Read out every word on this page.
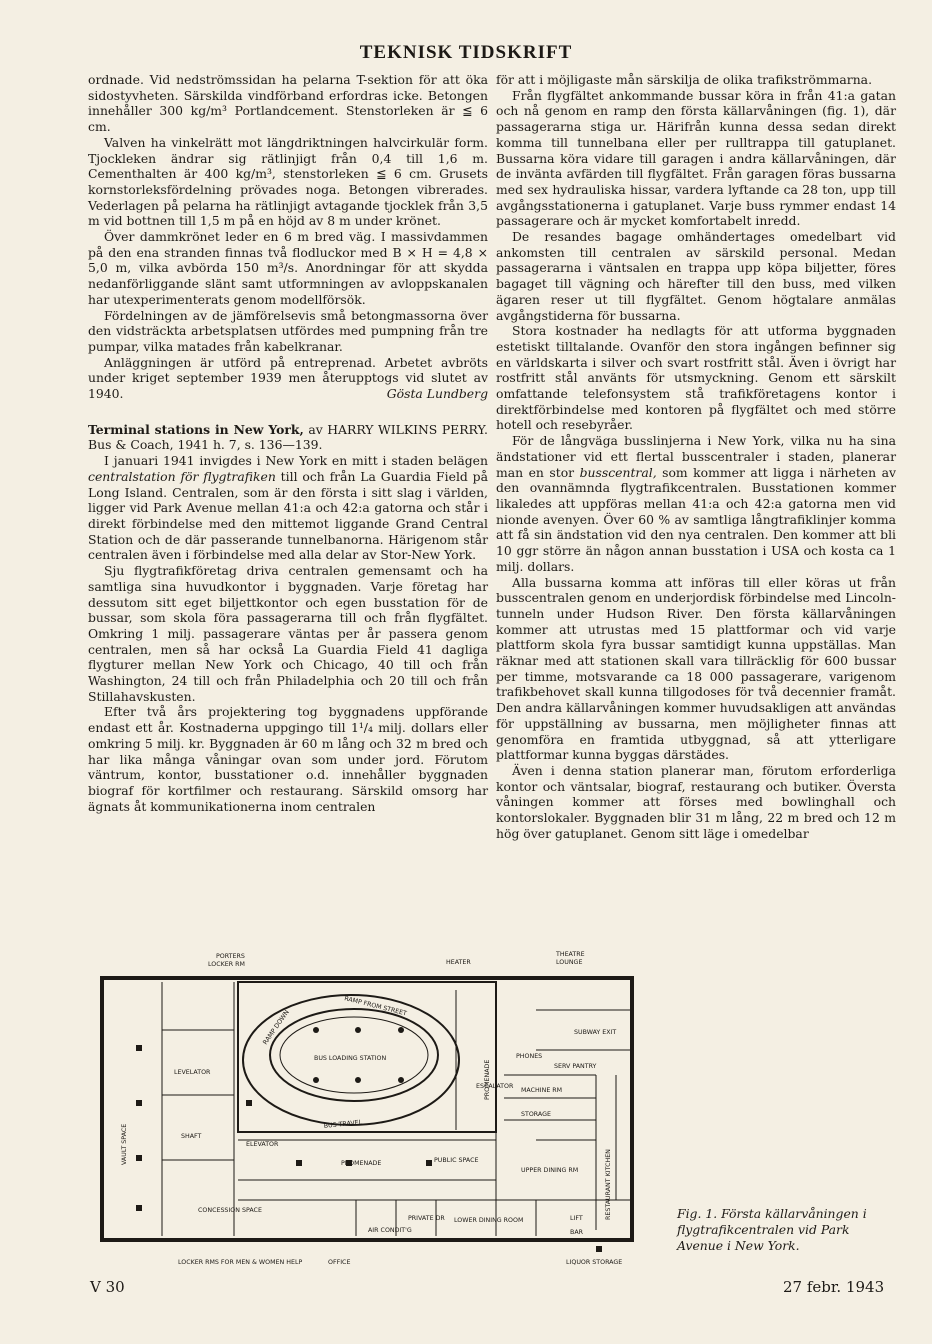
TEKNISK TIDSKRIFT

ordnade. Vid nedströmssidan ha pelarna T-sektion för att öka sidostyvheten. Särskilda vindförband erfordras icke. Betongen innehåller 300 kg/m³ Portlandcement. Stenstorleken är ≦ 6 cm.

Valven ha vinkelrätt mot längdriktningen halvcirkulär form. Tjockleken ändrar sig rätlinjigt från 0,4 till 1,6 m. Cementhalten är 400 kg/m³, stenstorleken ≦ 6 cm. Grusets kornstorleksfördelning prövades noga. Betongen vibrerades. Vederlagen på pelarna ha rätlinjigt avtagande tjocklek från 3,5 m vid bottnen till 1,5 m på en höjd av 8 m under krönet.

Över dammkrönet leder en 6 m bred väg. I massivdammen på den ena stranden finnas två flodluckor med B × H = 4,8 × 5,0 m, vilka avbörda 150 m³/s. Anordningar för att skydda nedanförliggande slänt samt utformningen av avloppskanalen har utexperimenterats genom modellförsök.

Fördelningen av de jämförelsevis små betongmassorna över den vidsträckta arbetsplatsen utfördes med pumpning från tre pumpar, vilka matades från kabelkranar.

Anläggningen är utförd på entreprenad. Arbetet avbröts under kriget september 1939 men återupptogs vid slutet av 1940.	Gösta Lundberg

Terminal stations in New York, av HARRY WILKINS PERRY. Bus & Coach, 1941 h. 7, s. 136—139.

I januari 1941 invigdes i New York en mitt i staden belägen centralstation för flygtrafiken till och från La Guardia Field på Long Island. Centralen, som är den första i sitt slag i världen, ligger vid Park Avenue mellan 41:a och 42:a gatorna och står i direkt förbindelse med den mittemot liggande Grand Central Station och de där passerande tunnelbanorna. Härigenom står centralen även i förbindelse med alla delar av Stor-New York.

Sju flygtrafikföretag driva centralen gemensamt och ha samtliga sina huvudkontor i byggnaden. Varje företag har dessutom sitt eget biljettkontor och egen busstation för de bussar, som skola föra passagerarna till och från flygfältet. Omkring 1 milj. passagerare väntas per år passera genom centralen, men så har också La Guardia Field 41 dagliga flygturer mellan New York och Chicago, 40 till och från Washington, 24 till och från Philadelphia och 20 till och från Stillahavskusten.

Efter två års projektering tog byggnadens uppförande endast ett år. Kostnaderna uppgingo till 1¹/₄ milj. dollars eller omkring 5 milj. kr. Byggnaden är 60 m lång och 32 m bred och har lika många våningar ovan som under jord. Förutom väntrum, kontor, busstationer o.d. innehåller byggnaden biograf för kortfilmer och restaurang. Särskild omsorg har ägnats åt kommunikationerna inom centralen

för att i möjligaste mån särskilja de olika trafikströmmarna.

Från flygfältet ankommande bussar köra in från 41:a gatan och nå genom en ramp den första källarvåningen (fig. 1), där passagerarna stiga ur. Härifrån kunna dessa sedan direkt komma till tunnelbana eller per rulltrappa till gatuplanet. Bussarna köra vidare till garagen i andra källarvåningen, där de invänta avfärden till flygfältet. Från garagen föras bussarna med sex hydrauliska hissar, vardera lyftande ca 28 ton, upp till avgångsstationerna i gatuplanet. Varje buss rymmer endast 14 passagerare och är mycket komfortabelt inredd.

De resandes bagage omhändertages omedelbart vid ankomsten till centralen av särskild personal. Medan passagerarna i väntsalen en trappa upp köpa biljetter, föres bagaget till vägning och härefter till den buss, med vilken ägaren reser ut till flygfältet. Genom högtalare anmälas avgångstiderna för bussarna.

Stora kostnader ha nedlagts för att utforma byggnaden estetiskt tilltalande. Ovanför den stora ingången befinner sig en världskarta i silver och svart rostfritt stål. Även i övrigt har rostfritt stål använts för utsmyckning. Genom ett särskilt omfattande telefonsystem stå trafikföretagens kontor i direktförbindelse med kontoren på flygfältet och med större hotell och resebyråer.

För de långväga busslinjerna i New York, vilka nu ha sina ändstationer vid ett flertal busscentraler i staden, planerar man en stor busscentral, som kommer att ligga i närheten av den ovannämnda flygtrafikcentralen. Busstationen kommer likaledes att uppföras mellan 41:a och 42:a gatorna men vid nionde avenyen. Över 60 % av samtliga långtrafiklinjer komma att få sin ändstation vid den nya centralen. Den kommer att bli 10 ggr större än någon annan busstation i USA och kosta ca 1 milj. dollars.

Alla bussarna komma att införas till eller köras ut från busscentralen genom en underjordisk förbindelse med Lincoln-tunneln under Hudson River. Den första källarvåningen kommer att utrustas med 15 plattformar och vid varje plattform skola fyra bussar samtidigt kunna uppställas. Man räknar med att stationen skall vara tillräcklig för 600 bussar per timme, motsvarande ca 18 000 passagerare, varigenom trafikbehovet skall kunna tillgodoses för två decennier framåt. Den andra källarvåningen kommer huvudsakligen att användas för uppställning av bussarna, men möjligheter finnas att genomföra en framtida utbyggnad, så att ytterligare plattformar kunna byggas därstädes.

Även i denna station planerar man, förutom erforderliga kontor och väntsalar, biograf, restaurang och butiker. Översta våningen kommer att förses med bowlinghall och kontorslokaler. Byggnaden blir 31 m lång, 22 m bred och 12 m hög över gatuplanet. Genom sitt läge i omedelbar

PORTERS
LOCKER RM	HEATER
THEATRE
LOUNGE
RAMP FROM STREET
RAMP DOWN
BUS LOADING STATION
PROMENADE
SUBWAY EXIT
PHONES
SERV PANTRY
LEVELATOR
ESCALATOR
MACHINE RM
VAULT SPACE	SHAFT
BUS TRAVEL
STORAGE
RESTAURANT KITCHEN
ELEVATOR
PROMENADE	PUBLIC SPACE
UPPER DINING RM
CONCESSION SPACE
AIR CONDIT'G
PRIVATE DR LOWER DINING ROOM	LIFT
BAR
LOCKER RMS FOR MEN & WOMEN HELP	OFFICE	LIQUOR STORAGE
Fig. 1. Första källarvåningen i flygtrafikcentralen vid Park Avenue i New York.
V 30	27 febr. 1943
